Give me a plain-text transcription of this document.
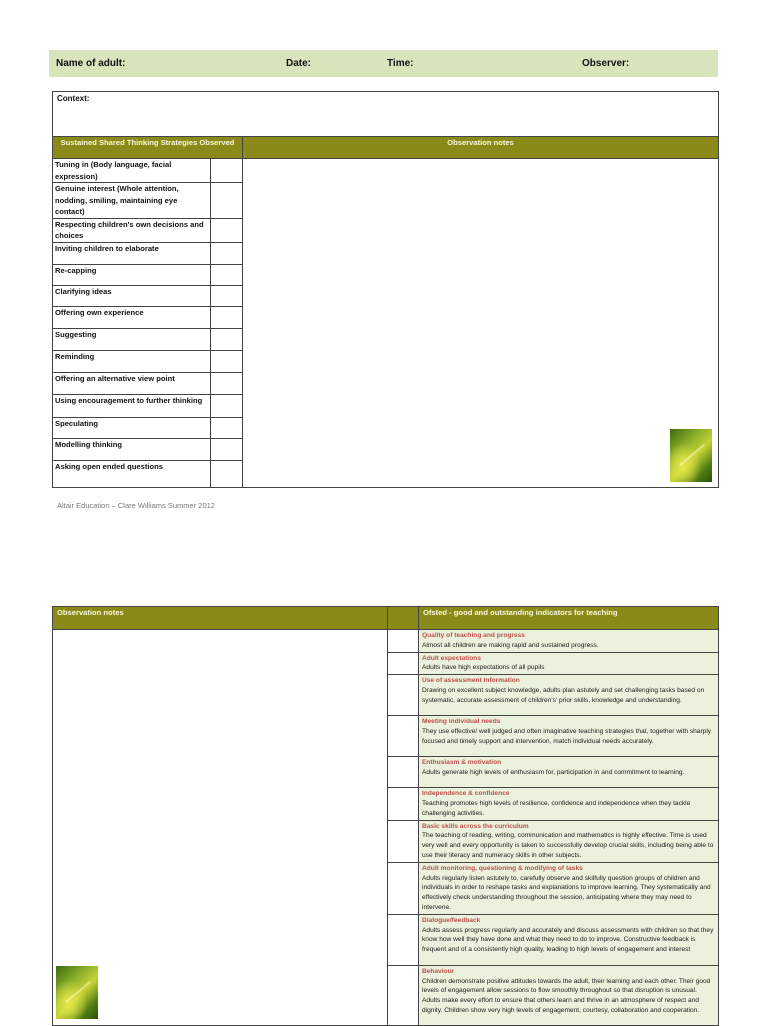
Name of adult:	Date:	Time:	Observer:
Context:
Sustained Shared Thinking Strategies Observed		Observation notes
Tuning in (Body language, facial expression)		

Genuine interest (Whole attention, nodding, smiling, maintaining eye contact)		
Respecting children's own decisions and choices		
Inviting children to elaborate		
Re-capping		
Clarifying ideas		
Offering own experience		
Suggesting		
Reminding		
Offering an alternative view point		
Using encouragement to further thinking		
Speculating		
Modelling thinking		
Asking open ended questions		
Altair Education – Clare Williams Summer 2012
Observation notes		Ofsted - good and outstanding indicators for teaching

		Quality of teaching and progress
Almost all children are making rapid and sustained progress.

		Adult expectations
Adults have high expectations of all pupils

		Use of assessment information
Drawing on excellent subject knowledge, adults plan astutely and set challenging tasks based on systematic, accurate assessment of children's' prior skills, knowledge and understanding.

		Meeting individual needs
They use effective/ well judged and often imaginative teaching strategies that, together with sharply focused and timely support and intervention, match individual needs accurately.

		Enthusiasm & motivation
Adults generate high levels of enthusiasm for, participation in and commitment to learning.

		Independence & confidence
Teaching promotes high levels of resilience, confidence and independence when they tackle challenging activities.

		Basic skills across the curriculum
The teaching of reading, writing, communication and mathematics is highly effective. Time is used very well and every opportunity is taken to successfully develop crucial skills, including being able to use their literacy and numeracy skills in other subjects.

		Adult monitoring, questioning & modifying of tasks
Adults regularly listen astutely to, carefully observe and skilfully question groups of children and individuals in order to reshape tasks and explanations to improve learning. They systematically and effectively check understanding throughout the session, anticipating where they may need to intervene.

		Dialogue/feedback
Adults assess progress regularly and accurately and discuss assessments with children so that they know how well they have done and what they need to do to improve. Constructive feedback is frequent and of a consistently high quality, leading to high levels of engagement and interest

		Behaviour
Children demonstrate positive attitudes towards the adult, their learning and each other. Their good levels of engagement allow sessions to flow smoothly throughout so that disruption is unusual. Adults make every effort to ensure that others learn and thrive in an atmosphere of respect and dignity. Children show very high levels of engagement, courtesy, collaboration and cooperation.
